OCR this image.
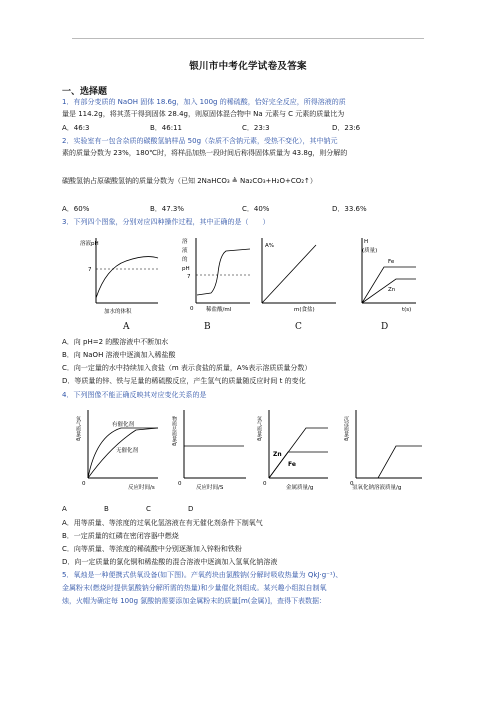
银川市中考化学试卷及答案
一、选择题
1．有部分变质的 NaOH 固体 18.6g，加入 100g 的稀硫酸，恰好完全反应，所得溶液的质
量是 114.2g，将其蒸干得到固体 28.4g，则原固体混合物中 Na 元素与 C 元素的质量比为
A．46:3	B．46:11	C．23:3	D．23:6
2．实验室有一包含杂质的碳酸氢钠样品 50g（杂质不含钠元素，受热不变化），其中钠元
素的质量分数为 23%，180℃时，将样品加热一段时间后称得固体质量为 43.8g，则分解的
碳酸氢钠占原碳酸氢钠的质量分数为（已知 2NaHCO₃ ≜ Na₂CO₃+H₂O+CO₂↑）
A．60%	B．47.3%	C．40%	D．33.6%
3．下列四个图象，分别对应四种操作过程，其中正确的是（　　）
溶液pH
7
加水的体积
溶
液
的
pH
7
0 稀盐酸/ml
A%
m(食盐)
H
(质量)
Fe
Zn
t(s)
A	B	C	D
A．向 pH=2 的酸溶液中不断加水
B．向 NaOH 溶液中逐滴加入稀盐酸
C．向一定量的水中持续加入食盐（m 表示食盐的质量，A%表示溶质质量分数）
D．等质量的锌、铁与足量的稀硫酸反应，产生氢气的质量随反应时间 t 的变化
4．下列图像不能正确反映其对应变化关系的是
氧气质量/g	有催化剂
无催化剂
0
反应时间/s
物质总质量/g
0
反应时间/S
氢气质量/g
Zn
Fe
0
金属质量/g
沉淀质量/g
0
氢氧化钠溶液质量/g
A	B	C	D
A．用等质量、等浓度的过氧化氢溶液在有无催化剂条件下制氧气
B．一定质量的红磷在密闭容器中燃烧
C．向等质量、等浓度的稀硫酸中分别逐渐加入锌粉和铁粉
D．向一定质量的氯化铜和稀盐酸的混合溶液中逐滴加入氢氧化钠溶液
5．氧烛是一种便携式供氧设备(如下图)。产氧药块由氯酸钠(分解时吸收热量为 QkJ·g⁻¹)、
金属粉末(燃烧时提供氯酸钠分解所需的热量)和少量催化剂组成。某兴趣小组拟自制氧
烛，火帽为确定每 100g 氯酸钠需要添加金属粉末的质量[m(金属)]，查得下表数据：
